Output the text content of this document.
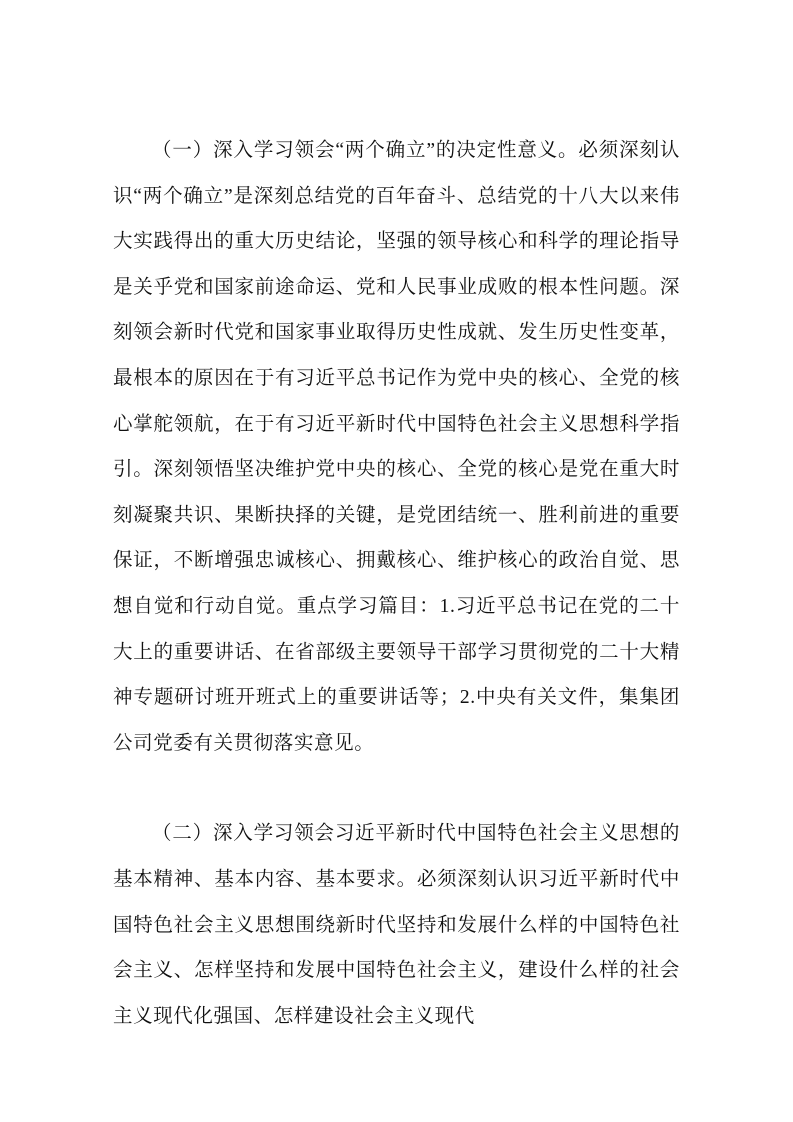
（一）深入学习领会“两个确立”的决定性意义。必须深刻认识“两个确立”是深刻总结党的百年奋斗、总结党的十八大以来伟大实践得出的重大历史结论，坚强的领导核心和科学的理论指导是关乎党和国家前途命运、党和人民事业成败的根本性问题。深刻领会新时代党和国家事业取得历史性成就、发生历史性变革，最根本的原因在于有习近平总书记作为党中央的核心、全党的核心掌舵领航，在于有习近平新时代中国特色社会主义思想科学指引。深刻领悟坚决维护党中央的核心、全党的核心是党在重大时刻凝聚共识、果断抉择的关键，是党团结统一、胜利前进的重要保证，不断增强忠诚核心、拥戴核心、维护核心的政治自觉、思想自觉和行动自觉。重点学习篇目：1.习近平总书记在党的二十大上的重要讲话、在省部级主要领导干部学习贯彻党的二十大精神专题研讨班开班式上的重要讲话等；2.中央有关文件，集集团公司党委有关贯彻落实意见。

（二）深入学习领会习近平新时代中国特色社会主义思想的基本精神、基本内容、基本要求。必须深刻认识习近平新时代中国特色社会主义思想围绕新时代坚持和发展什么样的中国特色社会主义、怎样坚持和发展中国特色社会主义，建设什么样的社会主义现代化强国、怎样建设社会主义现代
